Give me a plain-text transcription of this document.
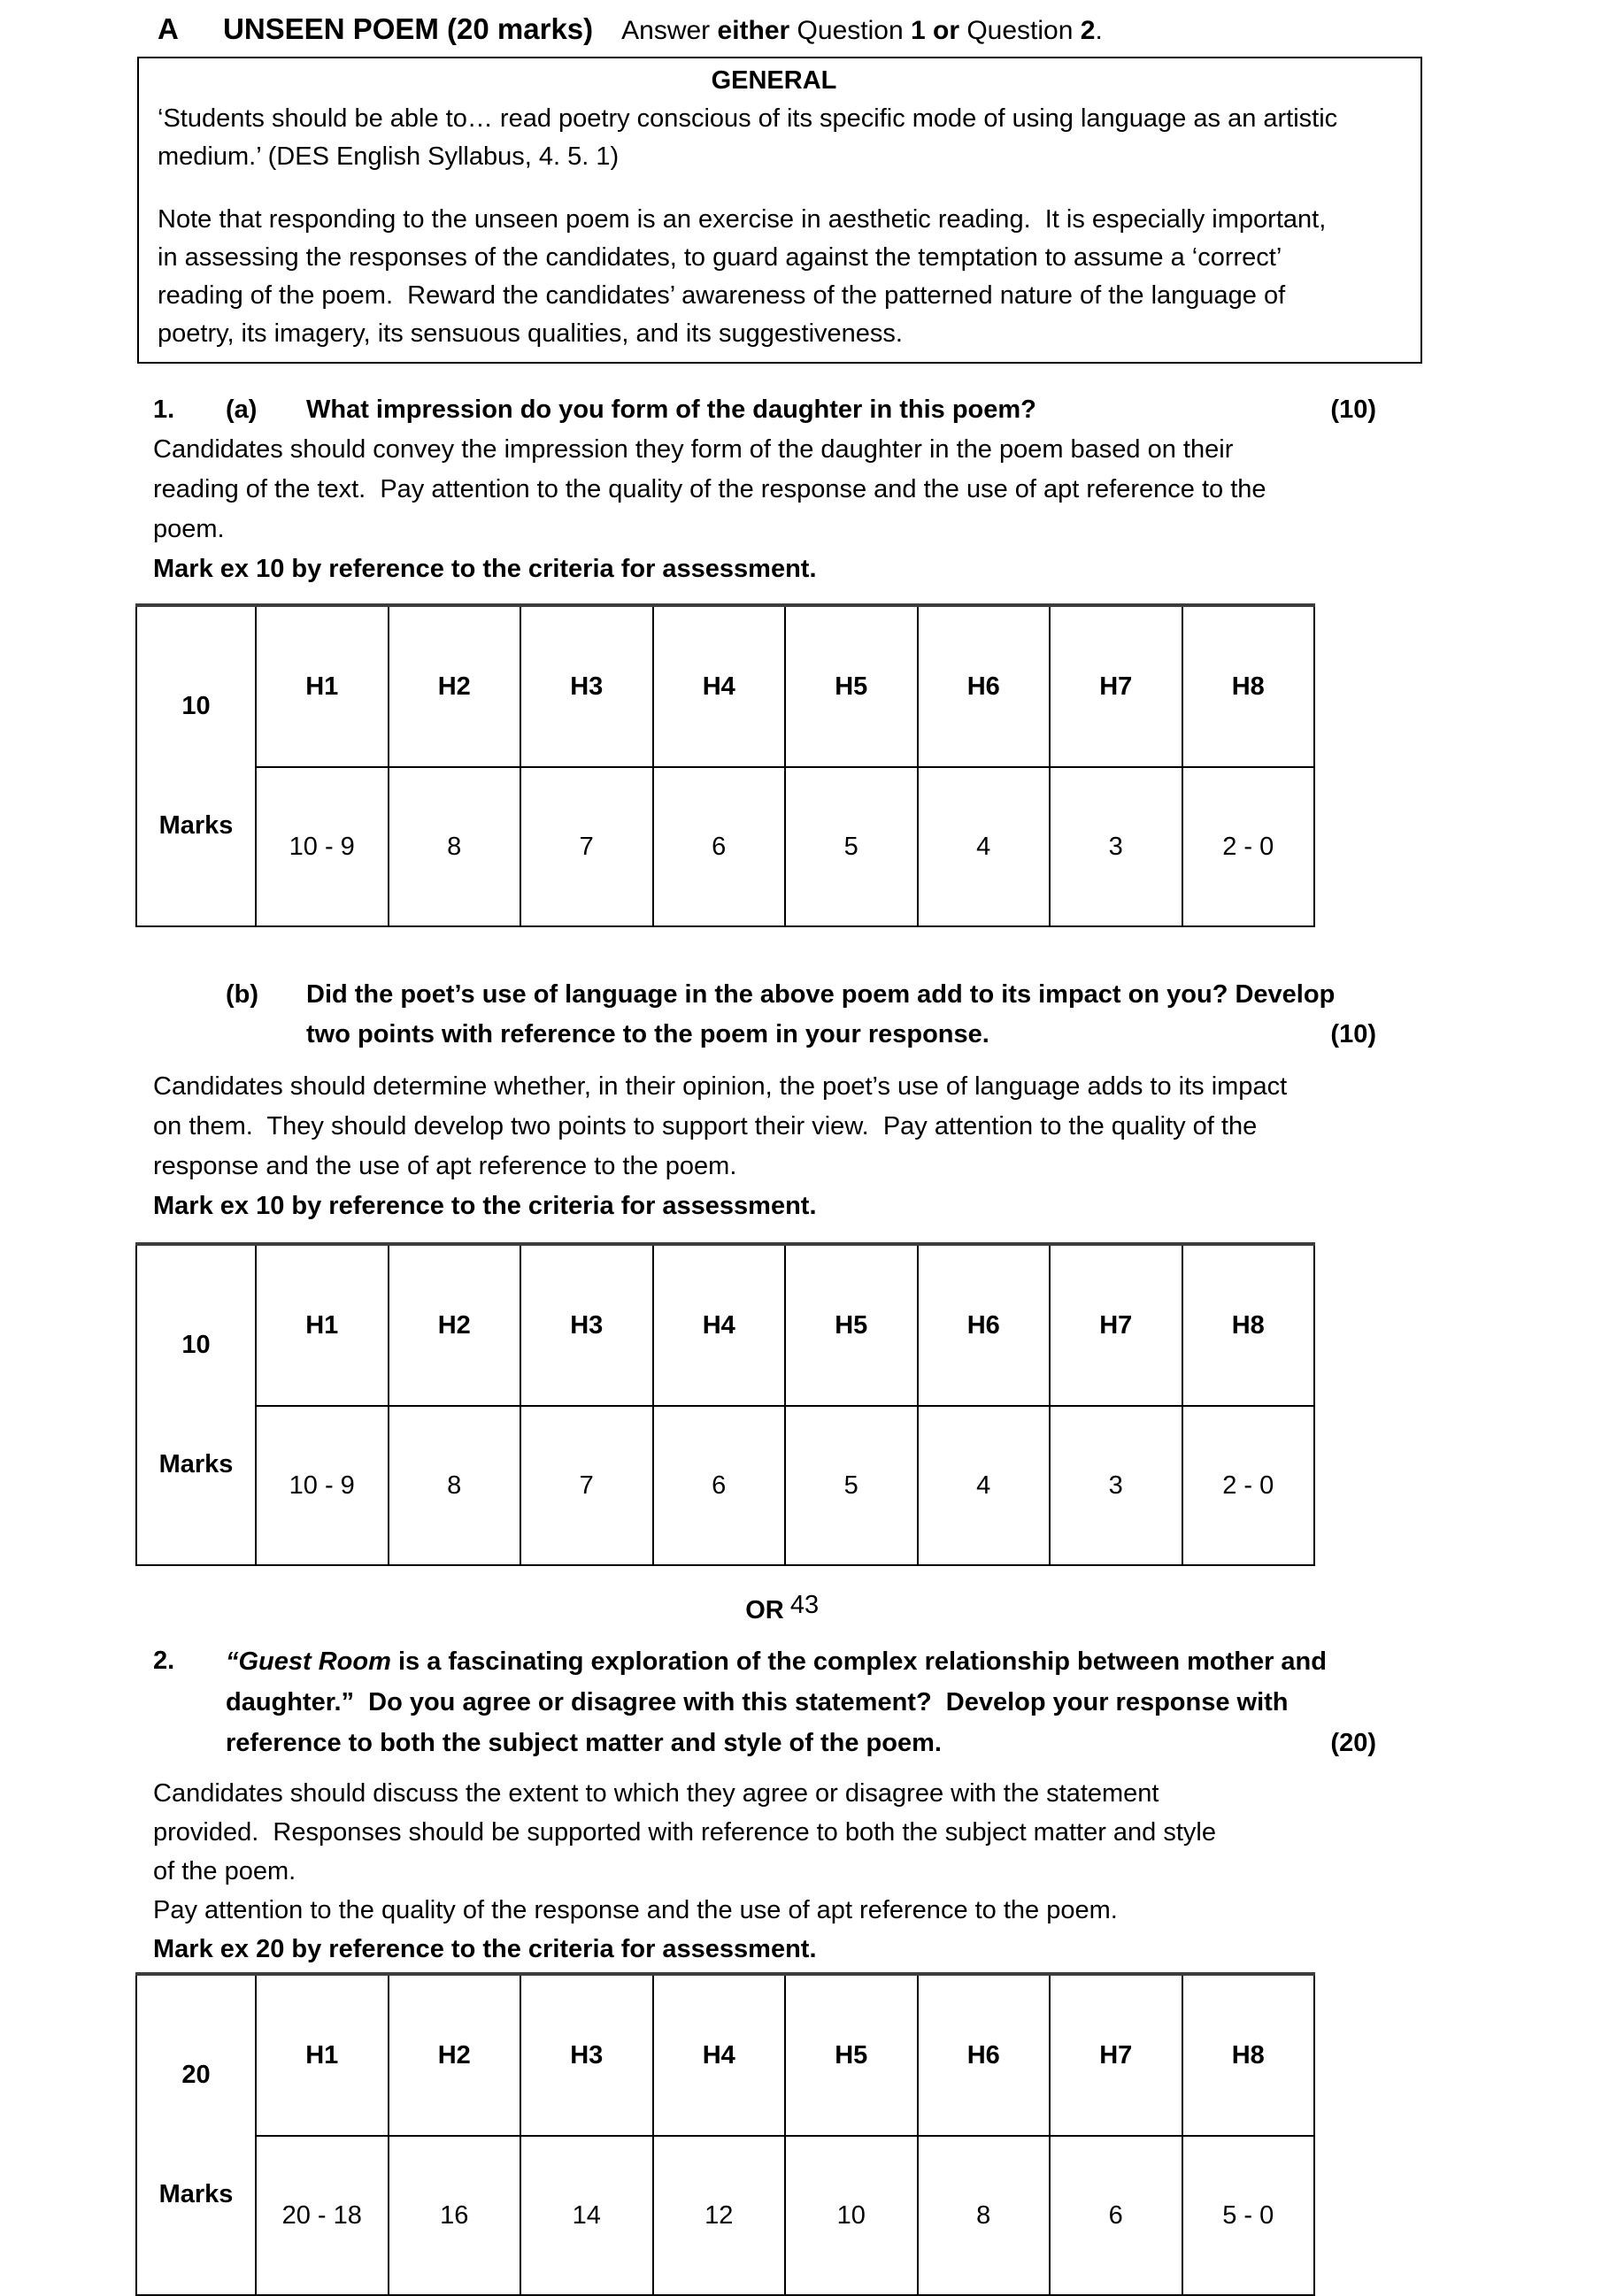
A	UNSEEN POEM (20 marks) Answer either Question 1 or Question 2.
GENERAL
‘Students should be able to… read poetry conscious of its specific mode of using language as an artistic
medium.’ (DES English Syllabus, 4. 5. 1)
Note that responding to the unseen poem is an exercise in aesthetic reading.  It is especially important,
in assessing the responses of the candidates, to guard against the temptation to assume a ‘correct’
reading of the poem.  Reward the candidates’ awareness of the patterned nature of the language of
poetry, its imagery, its sensuous qualities, and its suggestiveness.
1.	(a)	What impression do you form of the daughter in this poem?	(10)
Candidates should convey the impression they form of the daughter in the poem based on their
reading of the text.  Pay attention to the quality of the response and the use of apt reference to the
poem.
Mark ex 10 by reference to the criteria for assessment.

10

Marks	H1	H2	H3	H4	H5	H6	H7	H8
	10 - 9	8	7	6	5	4	3	2 - 0
(b)	Did the poet’s use of language in the above poem add to its impact on you? Develop
two points with reference to the poem in your response.	(10)
Candidates should determine whether, in their opinion, the poet’s use of language adds to its impact
on them.  They should develop two points to support their view.  Pay attention to the quality of the
response and the use of apt reference to the poem.
Mark ex 10 by reference to the criteria for assessment.

10

Marks	H1	H2	H3	H4	H5	H6	H7	H8
	10 - 9	8	7	6	5	4	3	2 - 0
OR
2.	“Guest Room is a fascinating exploration of the complex relationship between mother and
daughter.”  Do you agree or disagree with this statement?  Develop your response with
reference to both the subject matter and style of the poem.	(20)
Candidates should discuss the extent to which they agree or disagree with the statement
provided.  Responses should be supported with reference to both the subject matter and style
of the poem.
Pay attention to the quality of the response and the use of apt reference to the poem.
Mark ex 20 by reference to the criteria for assessment.

20

Marks	H1	H2	H3	H4	H5	H6	H7	H8
	20 - 18	16	14	12	10	8	6	5 - 0
43
